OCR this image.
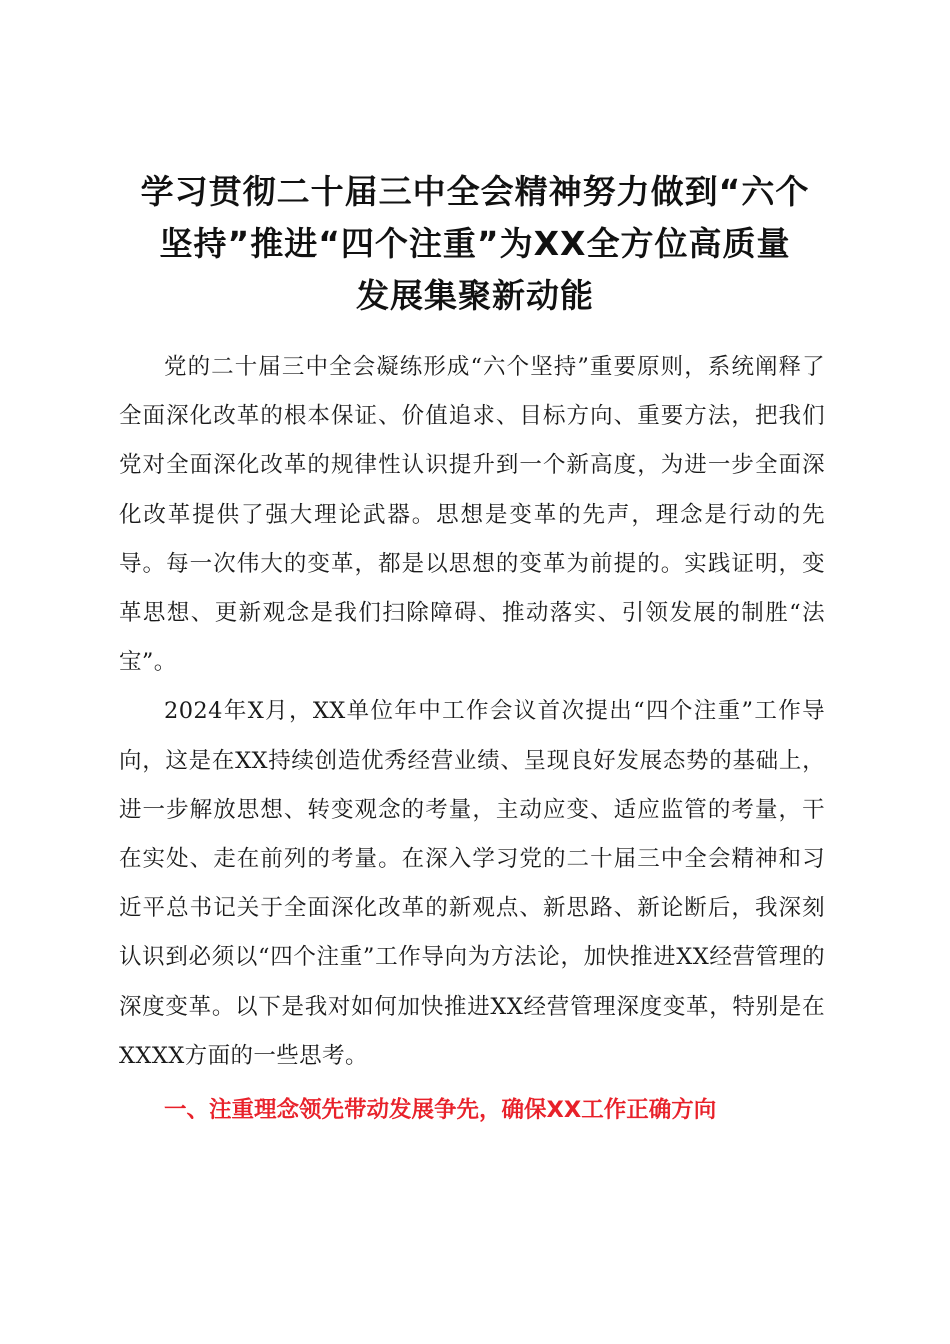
学习贯彻二十届三中全会精神努力做到“六个
坚持”推进“四个注重”为XX全方位高质量
发展集聚新动能

党的二十届三中全会凝练形成“六个坚持”重要原则，系统阐释了全面深化改革的根本保证、价值追求、目标方向、重要方法，把我们党对全面深化改革的规律性认识提升到一个新高度，为进一步全面深化改革提供了强大理论武器。思想是变革的先声，理念是行动的先导。每一次伟大的变革，都是以思想的变革为前提的。实践证明，变革思想、更新观念是我们扫除障碍、推动落实、引领发展的制胜“法宝”。

2024年X月，XX单位年中工作会议首次提出“四个注重”工作导向，这是在XX持续创造优秀经营业绩、呈现良好发展态势的基础上，进一步解放思想、转变观念的考量，主动应变、适应监管的考量，干在实处、走在前列的考量。在深入学习党的二十届三中全会精神和习近平总书记关于全面深化改革的新观点、新思路、新论断后，我深刻认识到必须以“四个注重”工作导向为方法论，加快推进XX经营管理的深度变革。以下是我对如何加快推进XX经营管理深度变革，特别是在XXXX方面的一些思考。

一、注重理念领先带动发展争先，确保XX工作正确方向
